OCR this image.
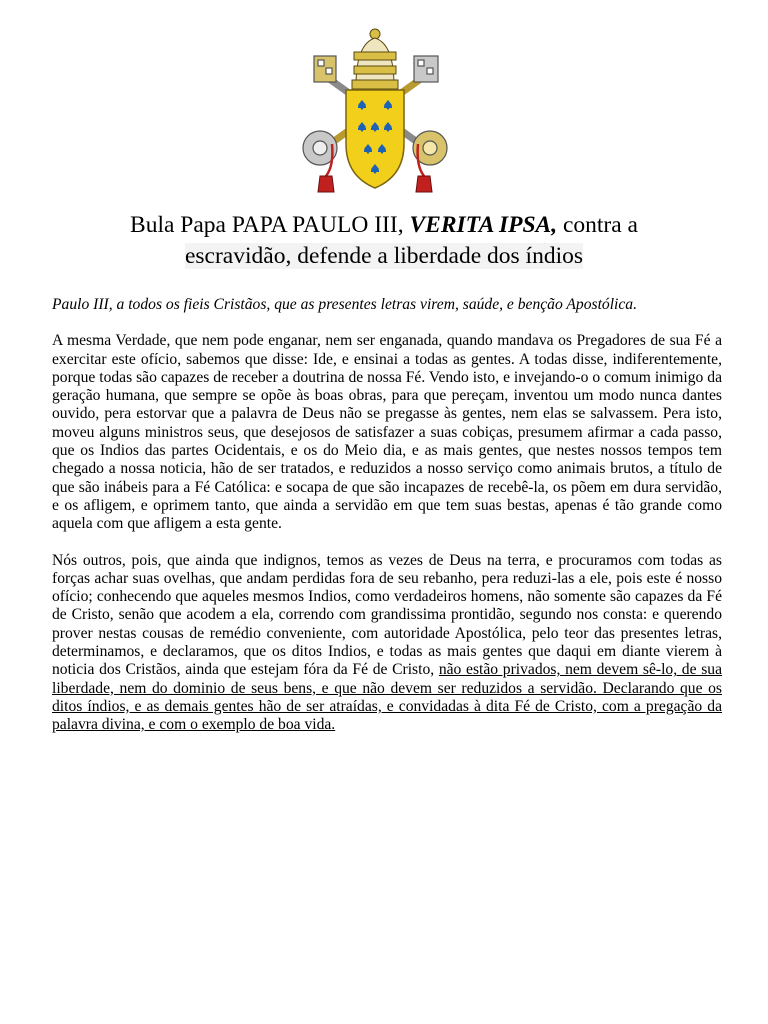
Bula Papa PAPA PAULO III, VERITA IPSA, contra a
escravidão, defende a liberdade dos índios

Paulo III, a todos os fieis Cristãos, que as presentes letras virem, saúde, e benção Apostólica.

A mesma Verdade, que nem pode enganar, nem ser enganada, quando mandava os Pregadores de sua Fé a exercitar este ofício, sabemos que disse: Ide, e ensinai a todas as gentes. A todas disse, indiferentemente, porque todas são capazes de receber a doutrina de nossa Fé. Vendo isto, e invejando-o o comum inimigo da geração humana, que sempre se opõe às boas obras, para que pereçam, inventou um modo nunca dantes ouvido, pera estorvar que a palavra de Deus não se pregasse às gentes, nem elas se salvassem. Pera isto, moveu alguns ministros seus, que desejosos de satisfazer a suas cobiças, presumem afirmar a cada passo, que os Indios das partes Ocidentais, e os do Meio dia, e as mais gentes, que nestes nossos tempos tem chegado a nossa noticia, hão de ser tratados, e reduzidos a nosso serviço como animais brutos, a título de que são inábeis para a Fé Católica: e socapa de que são incapazes de recebê-la, os põem em dura servidão, e os afligem, e oprimem tanto, que ainda a servidão em que tem suas bestas, apenas é tão grande como aquela com que afligem a esta gente.

Nós outros, pois, que ainda que indignos, temos as vezes de Deus na terra, e procuramos com todas as forças achar suas ovelhas, que andam perdidas fora de seu rebanho, pera reduzi-las a ele, pois este é nosso ofício; conhecendo que aqueles mesmos Indios, como verdadeiros homens, não somente são capazes da Fé de Cristo, senão que acodem a ela, correndo com grandissima prontidão, segundo nos consta: e querendo prover nestas cousas de remédio conveniente, com autoridade Apostólica, pelo teor das presentes letras, determinamos, e declaramos, que os ditos Indios, e todas as mais gentes que daqui em diante vierem à noticia dos Cristãos, ainda que estejam fóra da Fé de Cristo, não estão privados, nem devem sê-lo, de sua liberdade, nem do dominio de seus bens, e que não devem ser reduzidos a servidão. Declarando que os ditos índios, e as demais gentes hão de ser atraídas, e convidadas à dita Fé de Cristo, com a pregação da palavra divina, e com o exemplo de boa vida.
